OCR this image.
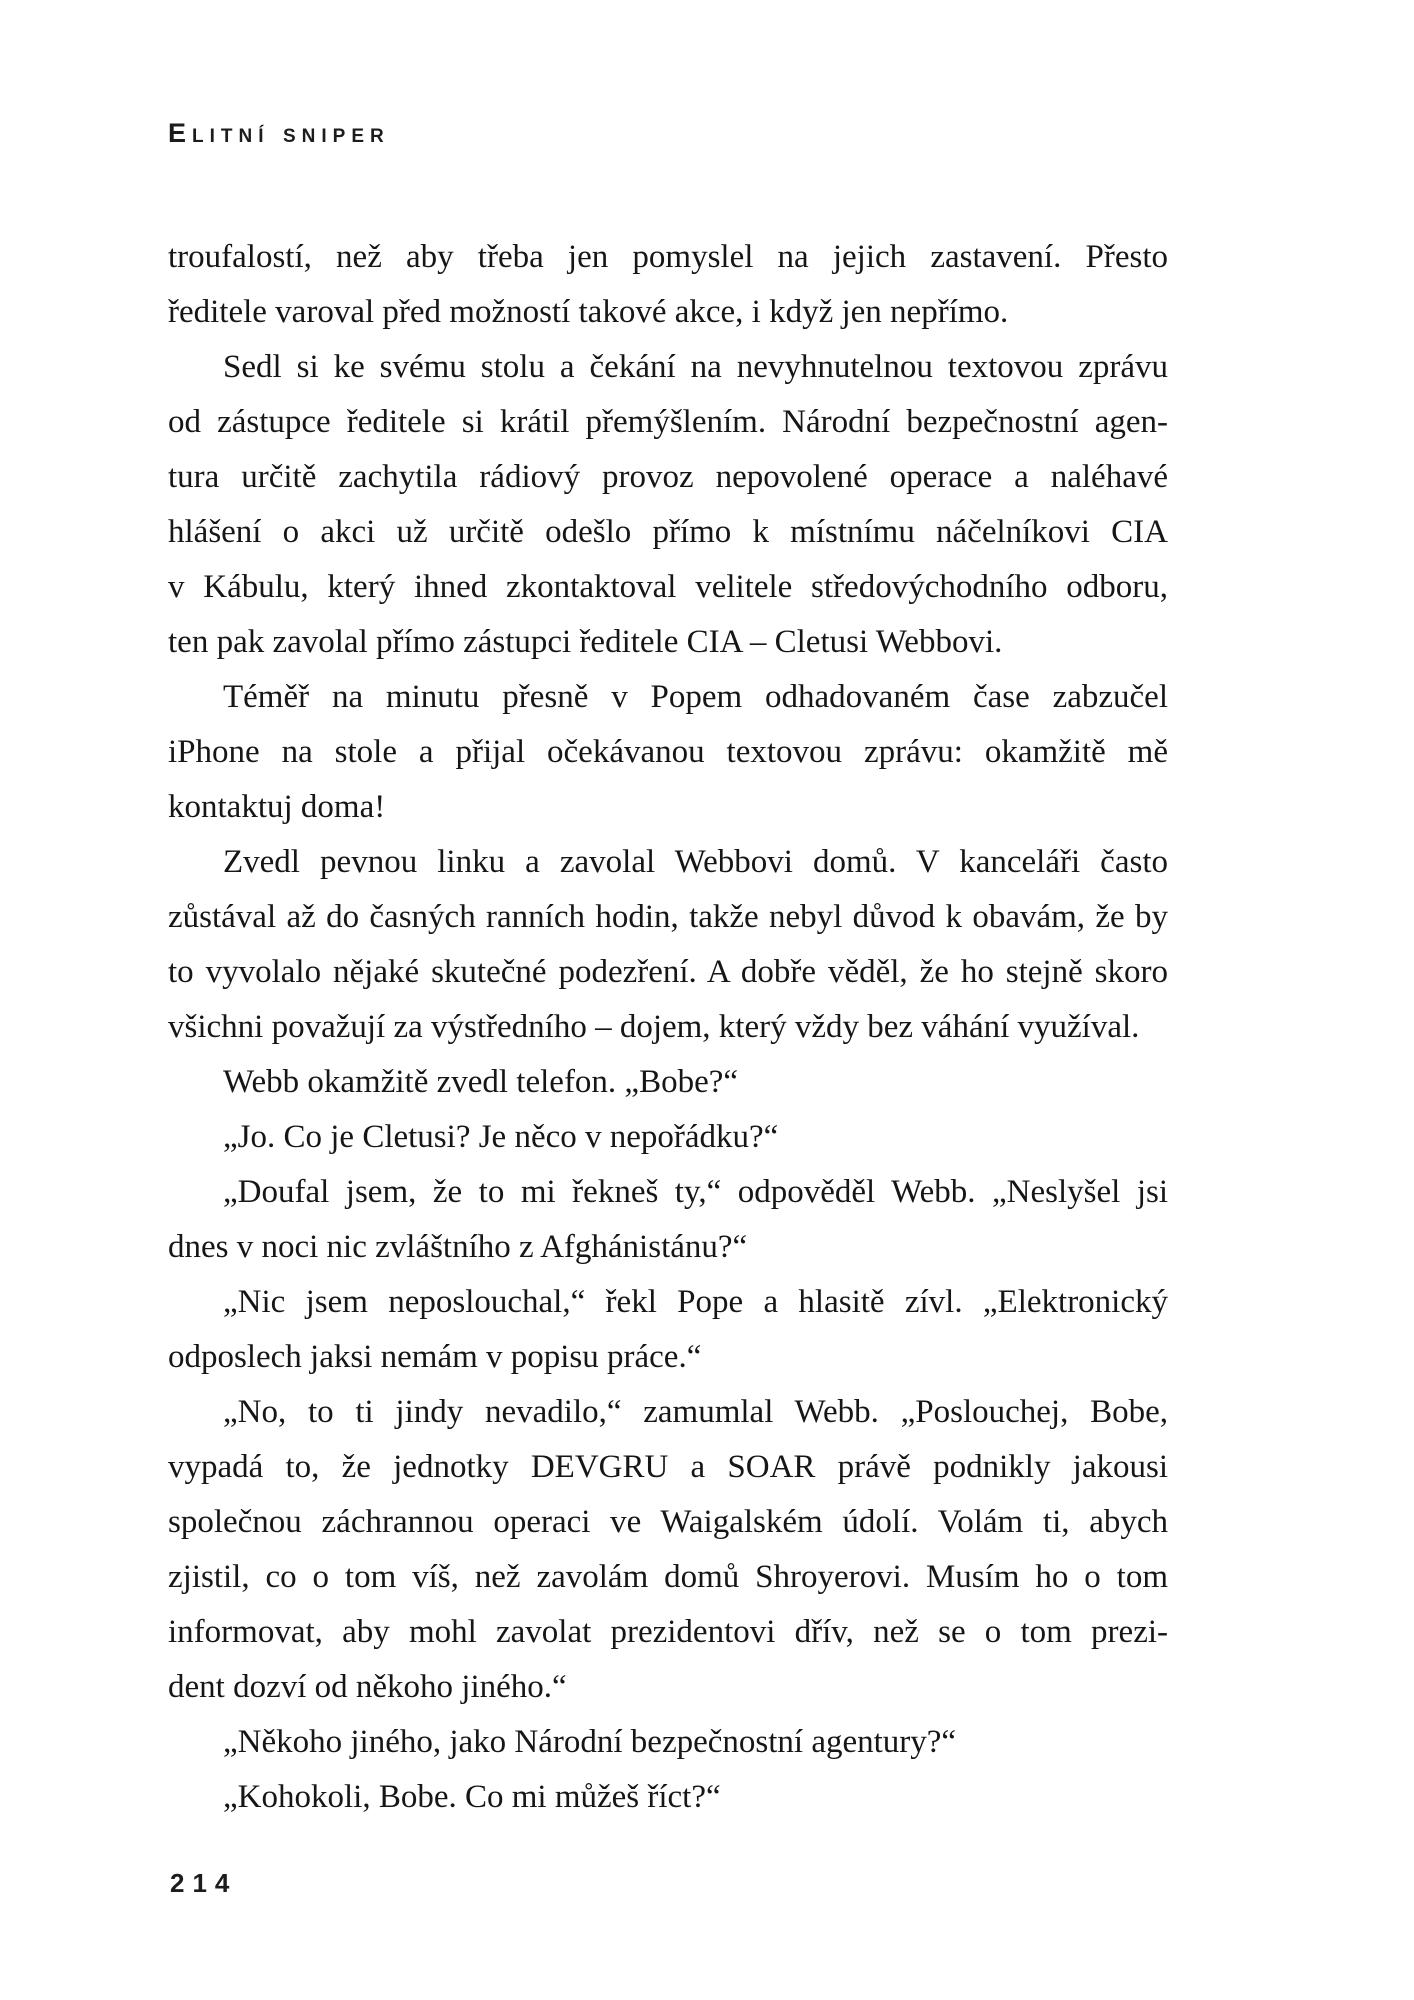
Elitní sniper
troufalostí, než aby třeba jen pomyslel na jejich zastavení. Přesto
ředitele varoval před možností takové akce, i když jen nepřímo.
Sedl si ke svému stolu a čekání na nevyhnutelnou textovou zprávu
od zástupce ředitele si krátil přemýšlením. Národní bezpečnostní agen-
tura určitě zachytila rádiový provoz nepovolené operace a naléhavé
hlášení o akci už určitě odešlo přímo k místnímu náčelníkovi CIA
v Kábulu, který ihned zkontaktoval velitele středovýchodního odboru,
ten pak zavolal přímo zástupci ředitele CIA – Cletusi Webbovi.
Téměř na minutu přesně v Popem odhadovaném čase zabzučel
iPhone na stole a přijal očekávanou textovou zprávu: okamžitě mě
kontaktuj doma!
Zvedl pevnou linku a zavolal Webbovi domů. V kanceláři často
zůstával až do časných ranních hodin, takže nebyl důvod k obavám, že by
to vyvolalo nějaké skutečné podezření. A dobře věděl, že ho stejně skoro
všichni považují za výstředního – dojem, který vždy bez váhání využíval.
Webb okamžitě zvedl telefon. „Bobe?“
„Jo. Co je Cletusi? Je něco v nepořádku?“
„Doufal jsem, že to mi řekneš ty,“ odpověděl Webb. „Neslyšel jsi
dnes v noci nic zvláštního z Afghánistánu?“
„Nic jsem neposlouchal,“ řekl Pope a hlasitě zívl. „Elektronický
odposlech jaksi nemám v popisu práce.“
„No, to ti jindy nevadilo,“ zamumlal Webb. „Poslouchej, Bobe,
vypadá to, že jednotky DEVGRU a SOAR právě podnikly jakousi
společnou záchrannou operaci ve Waigalském údolí. Volám ti, abych
zjistil, co o tom víš, než zavolám domů Shroyerovi. Musím ho o tom
informovat, aby mohl zavolat prezidentovi dřív, než se o tom prezi-
dent dozví od někoho jiného.“
„Někoho jiného, jako Národní bezpečnostní agentury?“
„Kohokoli, Bobe. Co mi můžeš říct?“
214
